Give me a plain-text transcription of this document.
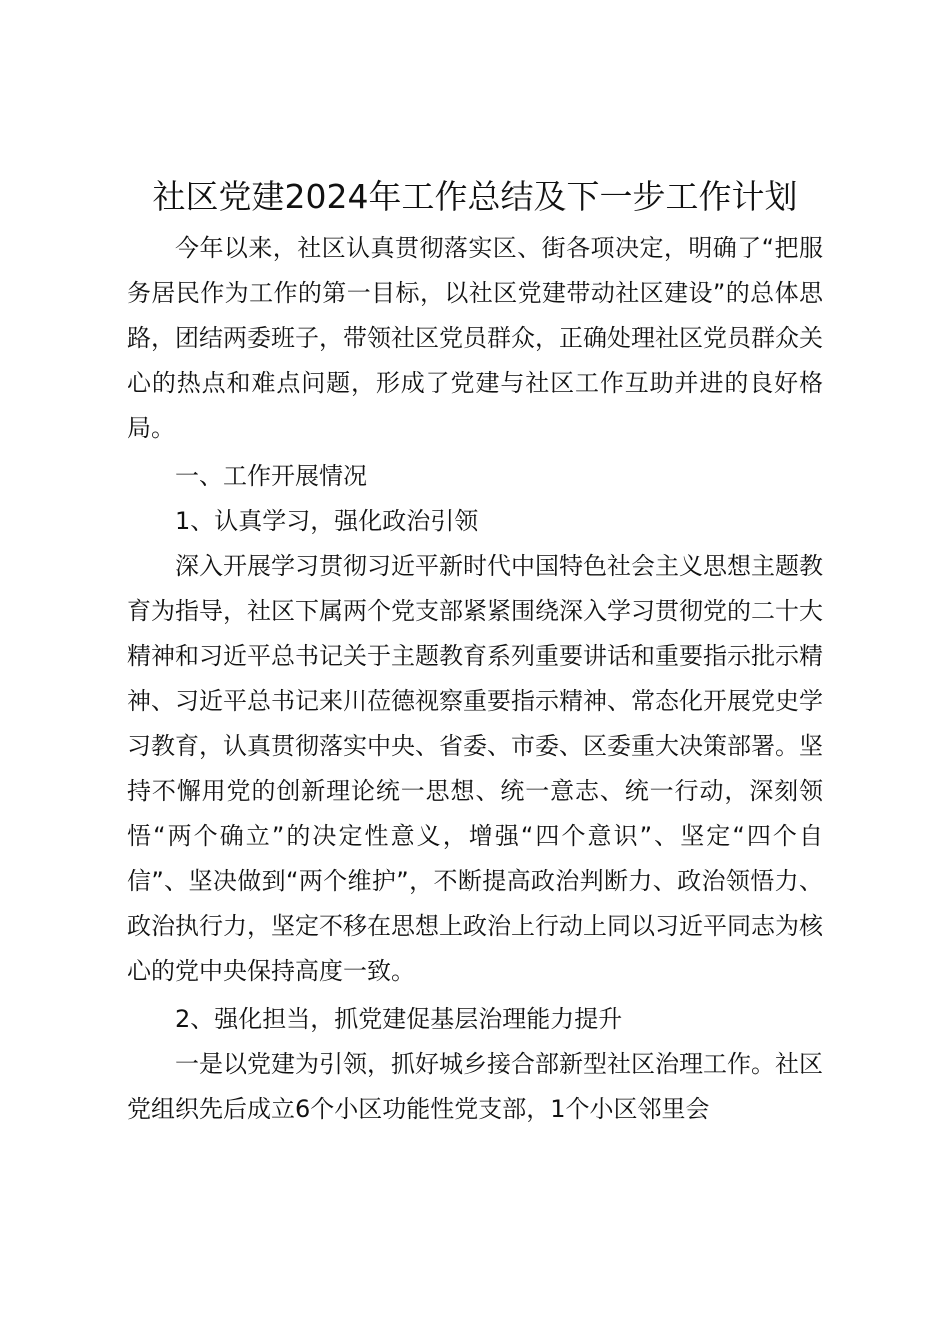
社区党建2024年工作总结及下一步工作计划

今年以来，社区认真贯彻落实区、街各项决定，明确了“把服务居民作为工作的第一目标，以社区党建带动社区建设”的总体思路，团结两委班子，带领社区党员群众，正确处理社区党员群众关心的热点和难点问题，形成了党建与社区工作互助并进的良好格局。

一、工作开展情况

1、认真学习，强化政治引领

深入开展学习贯彻习近平新时代中国特色社会主义思想主题教育为指导，社区下属两个党支部紧紧围绕深入学习贯彻党的二十大精神和习近平总书记关于主题教育系列重要讲话和重要指示批示精神、习近平总书记来川莅德视察重要指示精神、常态化开展党史学习教育，认真贯彻落实中央、省委、市委、区委重大决策部署。坚持不懈用党的创新理论统一思想、统一意志、统一行动，深刻领悟“两个确立”的决定性意义，增强“四个意识”、坚定“四个自信”、坚决做到“两个维护”，不断提高政治判断力、政治领悟力、政治执行力，坚定不移在思想上政治上行动上同以习近平同志为核心的党中央保持高度一致。

2、强化担当，抓党建促基层治理能力提升

一是以党建为引领，抓好城乡接合部新型社区治理工作。社区党组织先后成立6个小区功能性党支部，1个小区邻里会
